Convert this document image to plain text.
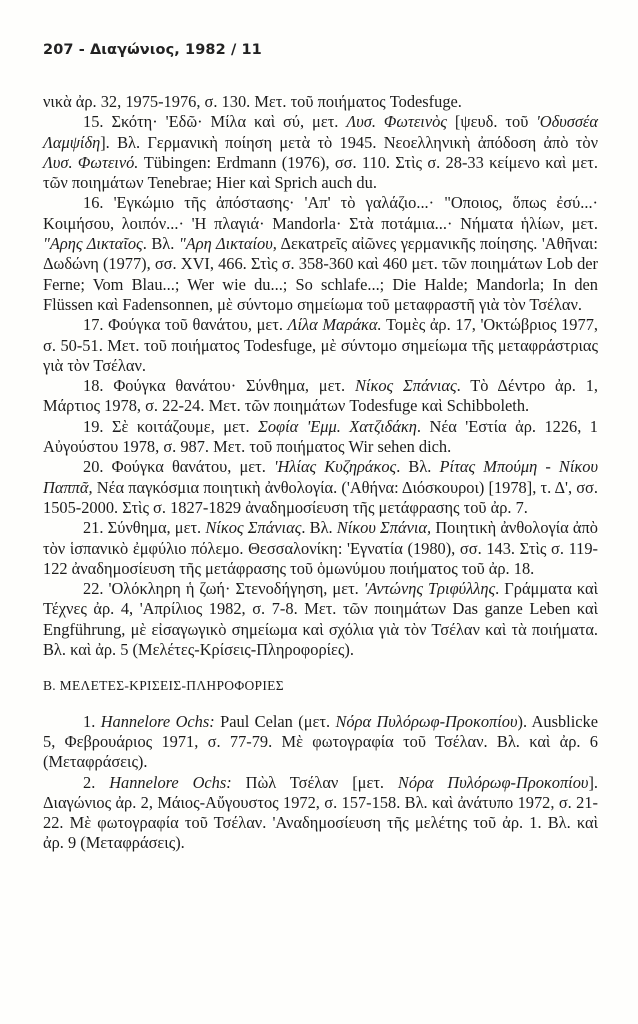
207 - Διαγώνιος, 1982 / 11

νικὰ ἀρ. 32, 1975-1976, σ. 130. Μετ. τοῦ ποιήματος Todesfuge.

15. Σκότη· 'Εδῶ· Μίλα καὶ σύ, μετ. Λυσ. Φωτεινὸς [ψευδ. τοῦ 'Οδυσσέα Λαμψίδη]. Βλ. Γερμανικὴ ποίηση μετὰ τὸ 1945. Νεοελληνικὴ ἀπόδοση ἀπὸ τὸν Λυσ. Φωτεινό. Tübingen: Erdmann (1976), σσ. 110. Στὶς σ. 28-33 κείμενο καὶ μετ. τῶν ποιημάτων Tenebrae; Hier καὶ Sprich auch du.

16. 'Εγκώμιο τῆς ἀπόστασης· 'Απ' τὸ γαλάζιο...· "Οποιος, ὅπως ἐσύ...· Κοιμήσου, λοιπόν...· 'Η πλαγιά· Mandorla· Στὰ ποτάμια...· Νήματα ἡλίων, μετ. "Αρης Δικταῖος. Βλ. "Αρη Δικταίου, Δεκατρεῖς αἰῶνες γερμανικῆς ποίησης. 'Αθῆναι: Δωδώνη (1977), σσ. XVI, 466. Στὶς σ. 358-360 καὶ 460 μετ. τῶν ποιημάτων Lob der Ferne; Vom Blau...; Wer wie du...; So schlafe...; Die Halde; Mandorla; In den Flüssen καὶ Fadensonnen, μὲ σύντομο σημείωμα τοῦ μεταφραστῆ γιὰ τὸν Τσέλαν.

17. Φούγκα τοῦ θανάτου, μετ. Λίλα Μαράκα. Τομὲς ἀρ. 17, 'Οκτώβριος 1977, σ. 50-51. Μετ. τοῦ ποιήματος Todesfuge, μὲ σύντομο σημείωμα τῆς μεταφράστριας γιὰ τὸν Τσέλαν.

18. Φούγκα θανάτου· Σύνθημα, μετ. Νίκος Σπάνιας. Τὸ Δέντρο ἀρ. 1, Μάρτιος 1978, σ. 22-24. Μετ. τῶν ποιημάτων Todesfuge καὶ Schibboleth.

19. Σὲ κοιτάζουμε, μετ. Σοφία 'Εμμ. Χατζιδάκη. Νέα 'Εστία ἀρ. 1226, 1 Αὐγούστου 1978, σ. 987. Μετ. τοῦ ποιήματος Wir sehen dich.

20. Φούγκα θανάτου, μετ. 'Ηλίας Κυζηράκος. Βλ. Ρίτας Μπούμη - Νίκου Παππᾶ, Νέα παγκόσμια ποιητικὴ ἀνθολογία. ('Αθήνα: Διόσκουροι) [1978], τ. Δ', σσ. 1505-2000. Στὶς σ. 1827-1829 ἀναδημοσίευση τῆς μετάφρασης τοῦ ἀρ. 7.

21. Σύνθημα, μετ. Νίκος Σπάνιας. Βλ. Νίκου Σπάνια, Ποιητικὴ ἀνθολογία ἀπὸ τὸν ἱσπανικὸ ἐμφύλιο πόλεμο. Θεσσαλονίκη: 'Εγνατία (1980), σσ. 143. Στὶς σ. 119-122 ἀναδημοσίευση τῆς μετάφρασης τοῦ ὁμωνύμου ποιήματος τοῦ ἀρ. 18.

22. 'Ολόκληρη ἡ ζωή· Στενοδήγηση, μετ. 'Αντώνης Τριφύλλης. Γράμματα καὶ Τέχνες ἀρ. 4, 'Απρίλιος 1982, σ. 7-8. Μετ. τῶν ποιημάτων Das ganze Leben καὶ Engführung, μὲ εἰσαγωγικὸ σημείωμα καὶ σχόλια γιὰ τὸν Τσέλαν καὶ τὰ ποιήματα. Βλ. καὶ ἀρ. 5 (Μελέτες-Κρίσεις-Πληροφορίες).

Β. ΜΕΛΕΤΕΣ-ΚΡΙΣΕΙΣ-ΠΛΗΡΟΦΟΡΙΕΣ

1. Hannelore Ochs: Paul Celan (μετ. Νόρα Πυλόρωφ-Προκοπίου). Ausblicke 5, Φεβρουάριος 1971, σ. 77-79. Μὲ φωτογραφία τοῦ Τσέλαν. Βλ. καὶ ἀρ. 6 (Μεταφράσεις).

2. Hannelore Ochs: Πὼλ Τσέλαν [μετ. Νόρα Πυλόρωφ-Προκοπίου]. Διαγώνιος ἀρ. 2, Μάιος-Αὔγουστος 1972, σ. 157-158. Βλ. καὶ ἀνάτυπο 1972, σ. 21-22. Μὲ φωτογραφία τοῦ Τσέλαν. 'Αναδημοσίευση τῆς μελέτης τοῦ ἀρ. 1. Βλ. καὶ ἀρ. 9 (Μεταφράσεις).
